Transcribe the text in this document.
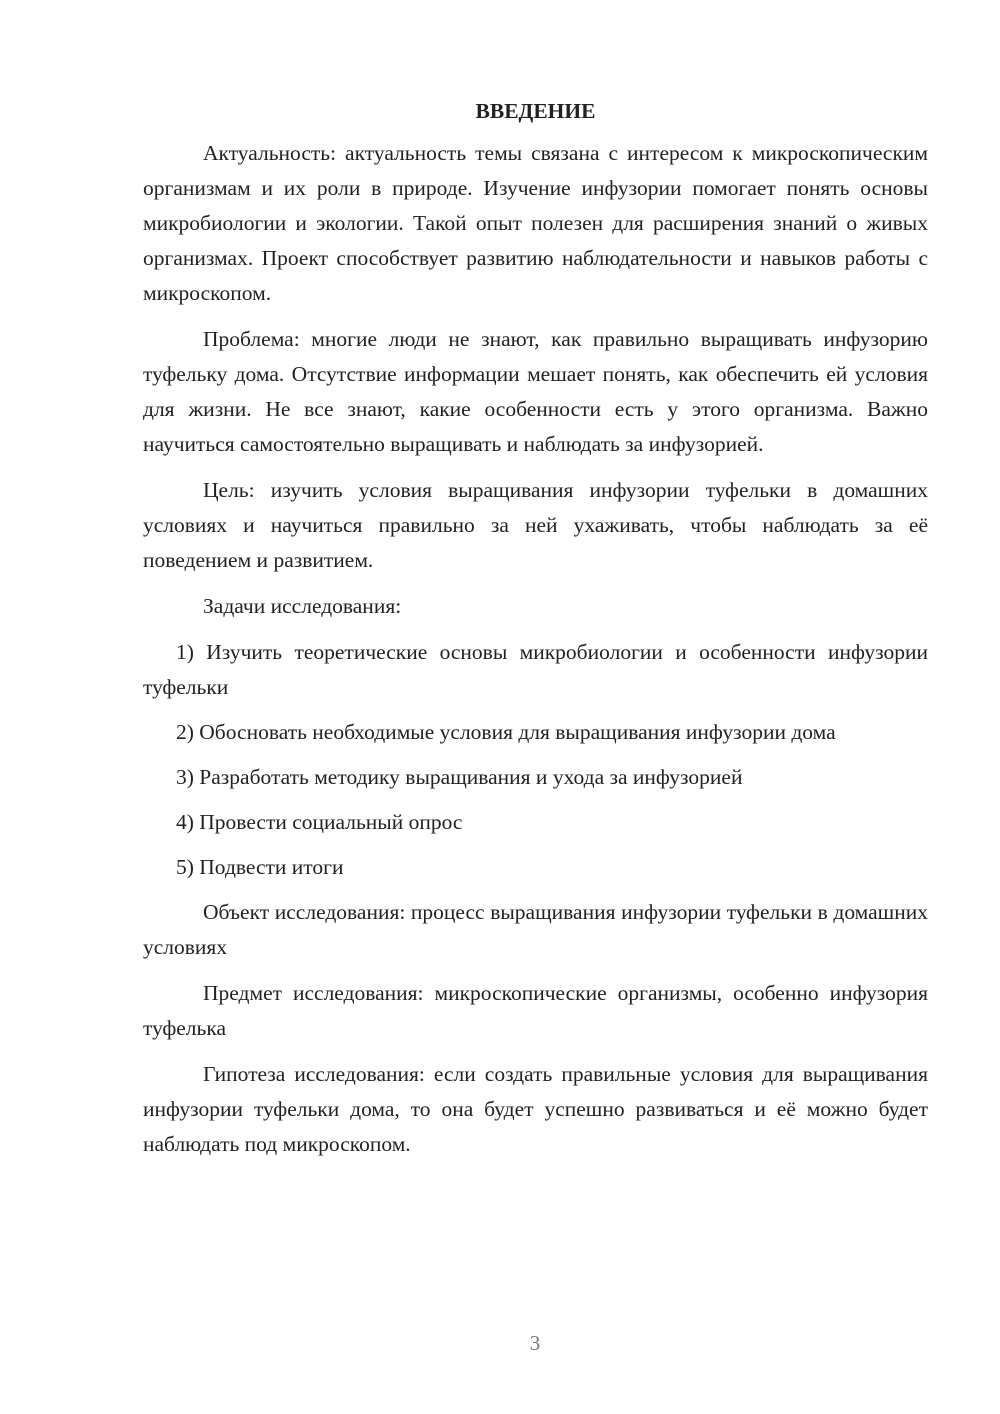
ВВЕДЕНИЕ

Актуальность: актуальность темы связана с интересом к микроскопическим организмам и их роли в природе. Изучение инфузории помогает понять основы микробиологии и экологии. Такой опыт полезен для расширения знаний о живых организмах. Проект способствует развитию наблюдательности и навыков работы с микроскопом.

Проблема: многие люди не знают, как правильно выращивать инфузорию туфельку дома. Отсутствие информации мешает понять, как обеспечить ей условия для жизни. Не все знают, какие особенности есть у этого организма. Важно научиться самостоятельно выращивать и наблюдать за инфузорией.

Цель: изучить условия выращивания инфузории туфельки в домашних условиях и научиться правильно за ней ухаживать, чтобы наблюдать за её поведением и развитием.

Задачи исследования:

1) Изучить теоретические основы микробиологии и особенности инфузории туфельки

2) Обосновать необходимые условия для выращивания инфузории дома

3) Разработать методику выращивания и ухода за инфузорией

4) Провести социальный опрос

5) Подвести итоги

Объект исследования: процесс выращивания инфузории туфельки в домашних условиях

Предмет исследования: микроскопические организмы, особенно инфузория туфелька

Гипотеза исследования: если создать правильные условия для выращивания инфузории туфельки дома, то она будет успешно развиваться и её можно будет наблюдать под микроскопом.

3
